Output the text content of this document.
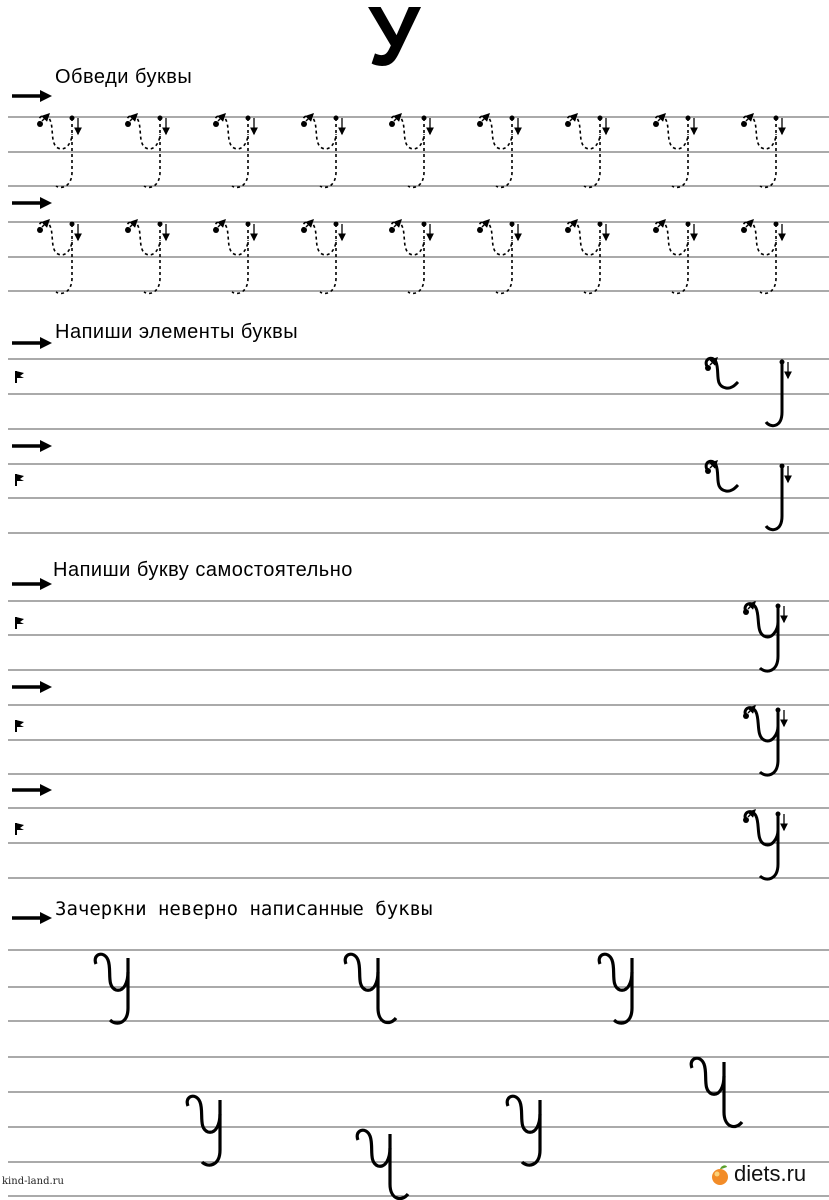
У
Обведи буквы
Напиши элементы буквы
Напиши букву самостоятельно
Зачеркни неверно написанные буквы
kind-land.ru	diets.ru
